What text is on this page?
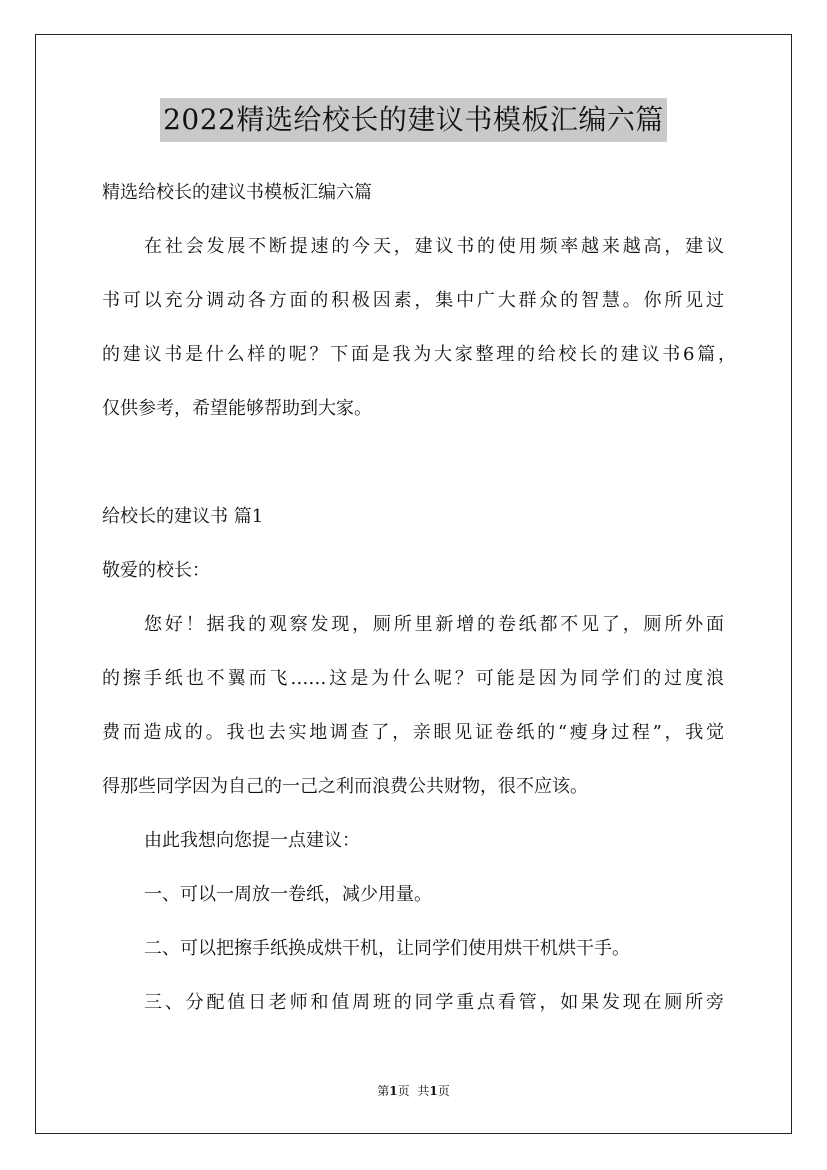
2022精选给校长的建议书模板汇编六篇
精选给校长的建议书模板汇编六篇
在社会发展不断提速的今天，建议书的使用频率越来越高，建议
书可以充分调动各方面的积极因素，集中广大群众的智慧。你所见过
的建议书是什么样的呢？下面是我为大家整理的给校长的建议书6篇，
仅供参考，希望能够帮助到大家。
给校长的建议书 篇1
敬爱的校长：
您好！据我的观察发现，厕所里新增的卷纸都不见了，厕所外面
的擦手纸也不翼而飞……这是为什么呢？可能是因为同学们的过度浪
费而造成的。我也去实地调查了，亲眼见证卷纸的“瘦身过程”，我觉
得那些同学因为自己的一己之利而浪费公共财物，很不应该。
由此我想向您提一点建议：
一、可以一周放一卷纸，减少用量。
二、可以把擦手纸换成烘干机，让同学们使用烘干机烘干手。
三、分配值日老师和值周班的同学重点看管，如果发现在厕所旁
第1页 共1页
